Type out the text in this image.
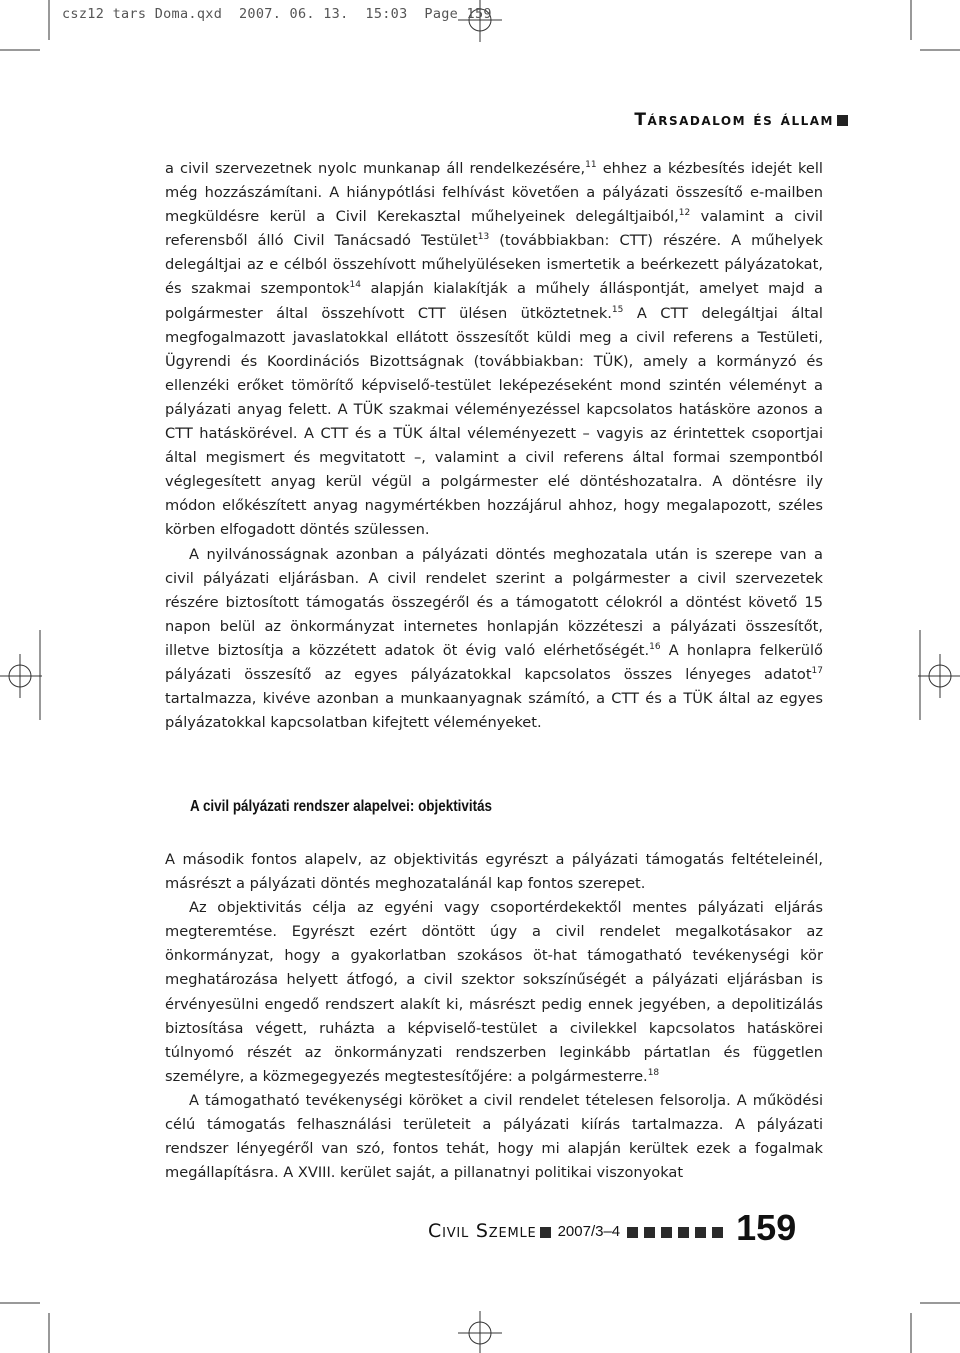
csz12 tars Doma.qxd  2007. 06. 13.  15:03  Page 159
Társadalom és állam

a civil szervezetnek nyolc munkanap áll rendelkezésére,$^{11}$ ehhez a kézbesítés idejét kell még hozzászámítani. A hiánypótlási felhívást követően a pályázati összesítő e-mailben megküldésre kerül a Civil Kerekasztal műhelyeinek delegáltjaiból,$^{12}$ valamint a civil referensből álló Civil Tanácsadó Testület$^{13}$ (továbbiakban: CTT) részére. A műhelyek delegáltjai az e célból összehívott műhelyüléseken ismertetik a beérkezett pályázatokat, és szakmai szempontok$^{14}$ alapján kialakítják a műhely álláspontját, amelyet majd a polgármester által összehívott CTT ülésen ütköztetnek.$^{15}$ A CTT delegáltjai által megfogalmazott javaslatokkal ellátott összesítőt küldi meg a civil referens a Testületi, Ügyrendi és Koordinációs Bizottságnak (továbbiakban: TÜK), amely a kormányzó és ellenzéki erőket tömörítő képviselő-testület leképezéseként mond szintén véleményt a pályázati anyag felett. A TÜK szakmai véleményezéssel kapcsolatos hatásköre azonos a CTT hatáskörével. A CTT és a TÜK által véleményezett – vagyis az érintettek csoportjai által megismert és megvitatott –, valamint a civil referens által formai szempontból véglegesített anyag kerül végül a polgármester elé döntéshozatalra. A döntésre ily módon előkészített anyag nagymértékben hozzájárul ahhoz, hogy megalapozott, széles körben elfogadott döntés szülessen.

A nyilvánosságnak azonban a pályázati döntés meghozatala után is szerepe van a civil pályázati eljárásban. A civil rendelet szerint a polgármester a civil szervezetek részére biztosított támogatás összegéről és a támogatott célokról a döntést követő 15 napon belül az önkormányzat internetes honlapján közzéteszi a pályázati összesítőt, illetve biztosítja a közzétett adatok öt évig való elérhetőségét.$^{16}$ A honlapra felkerülő pályázati összesítő az egyes pályázatokkal kapcsolatos összes lényeges adatot$^{17}$ tartalmazza, kivéve azonban a munkaanyagnak számító, a CTT és a TÜK által az egyes pályázatokkal kapcsolatban kifejtett véleményeket.

A civil pályázati rendszer alapelvei: objektivitás

A második fontos alapelv, az objektivitás egyrészt a pályázati támogatás feltételeinél, másrészt a pályázati döntés meghozatalánál kap fontos szerepet.

Az objektivitás célja az egyéni vagy csoportérdekektől mentes pályázati eljárás megteremtése. Egyrészt ezért döntött úgy a civil rendelet megalkotásakor az önkormányzat, hogy a gyakorlatban szokásos öt-hat támogatható tevékenységi kör meghatározása helyett átfogó, a civil szektor sokszínűségét a pályázati eljárásban is érvényesülni engedő rendszert alakít ki, másrészt pedig ennek jegyében, a depolitizálás biztosítása végett, ruházta a képviselő-testület a civilekkel kapcsolatos hatáskörei túlnyomó részét az önkormányzati rendszerben leginkább pártatlan és független személyre, a közmegegyezés megtestesítőjére: a polgármesterre.$^{18}$

A támogatható tevékenységi köröket a civil rendelet tételesen felsorolja. A működési célú támogatás felhasználási területeit a pályázati kiírás tartalmazza. A pályázati rendszer lényegéről van szó, fontos tehát, hogy mi alapján kerültek ezek a fogalmak megállapításra. A XVIII. kerület saját, a pillanatnyi politikai viszonyokat

Civil Szemle 2007/3–4	159
